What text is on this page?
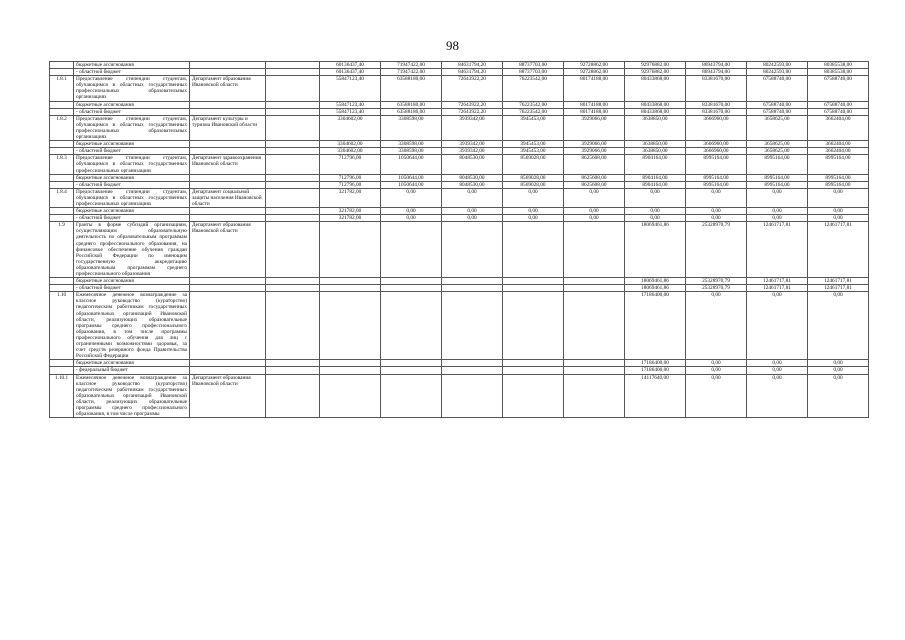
98
	бюджетные ассигнования			60136437,40	71947422,00	84631794,20	88737703,00	92728862,00	92976882,00	86943794,00	80242593,00	80385538,00
	- областной бюджет			60136437,40	71947422,00	84631794,20	88737703,00	92728862,00	92976882,00	86943794,00	80242593,00	80385538,00
1.8.1	Предоставление стипендии студентам, обучающимся в областных государственных профессиональных образовательных организациях	Департамент образования Ивановской области		55847123,40	63588180,00	72643922,20	76223542,00	80174188,00	80433868,00	83381670,00	67588740,00	67588740,00
	бюджетные ассигнования			55847123,40	63588180,00	72643922,20	76223542,00	80174188,00	80433868,00	83381670,00	67588740,00	67588740,00
	- областной бюджет			55847123,40	63588180,00	72643922,20	76223542,00	80174188,00	80433868,00	83381670,00	67588740,00	67588740,00
1.8.2	Предоставление стипендии студентам, обучающимся в областных государственных профессиональных образовательных организациях	Департамент культуры и туризма Ивановской области		3304602,00	3308598,00	3939342,00	3945453,00	3929066,00	3638850,00	3666960,00	3658625,00	3662404,00
	бюджетные ассигнования			3304602,00	3308598,00	3939342,00	3945453,00	3929066,00	3638850,00	3666960,00	3658625,00	3662404,00
	- областной бюджет			3304602,00	3308598,00	3939342,00	3945453,00	3929066,00	3638850,00	3666960,00	3658625,00	3662404,00
1.8.3	Предоставление стипендии студентам, обучающимся в областных государственных профессиональных организациях	Департамент здравоохранения Ивановской области		712796,00	1050644,00	8048530,00	8569028,00	8625608,00	8904164,00	8995164,00	8995164,00	8995164,00
	бюджетные ассигнования			712796,00	1050644,00	8048530,00	8569028,00	8625608,00	8904164,00	8995164,00	8995164,00	8995164,00
	- областной бюджет			712796,00	1050644,00	8048530,00	8569028,00	8625608,00	8904164,00	8995164,00	8995164,00	8995164,00
1.8.4	Предоставление стипендии студентам, обучающимся в областных государственных профессиональных организациях	Департамент социальной защиты населения Ивановской области		321782,00	0,00	0,00	0,00	0,00	0,00	0,00	0,00	0,00
	бюджетные ассигнования			321782,00	0,00	0,00	0,00	0,00	0,00	0,00	0,00	0,00
	- областной бюджет			321782,00	0,00	0,00	0,00	0,00	0,00	0,00	0,00	0,00
1.9	Гранты в форме субсидий организациям, осуществляющим образовательную деятельность по образовательным программам среднего профессионального образования, на финансовое обеспечение обучения граждан Российской Федерации по имеющим государственную аккредитацию образовательным программам среднего профессионального образования	Департамент образования Ивановской области							18069461,86	25328970,79	12461717,81	12461717,81
	бюджетные ассигнования								18069461,86	25328970,79	12461717,81	12461717,81
	- областной бюджет								18069461,86	25328970,79	12461717,81	12461717,81
1.10	Ежемесячное денежное вознаграждение за классное руководство (кураторство) педагогическим работникам государственных образовательных организаций Ивановской области, реализующих образовательные программы среднего профессионального образования, в том числе программы профессионального обучения для лиц с ограниченными возможностями здоровья, за счет средств резервного фонда Правительства Российской Федерации								17186400,00	0,00	0,00	0,00
	бюджетные ассигнования								17186400,00	0,00	0,00	0,00
	- федеральный бюджет								17186400,00	0,00	0,00	0,00
1.10.1	Ежемесячное денежное вознаграждение за классное руководство (кураторство) педагогическим работникам государственных образовательных организаций Ивановской области, реализующих образовательные программы среднего профессионального образования, в том числе программы	Департамент образования Ивановской области							14117640,00	0,00	0,00	0,00
